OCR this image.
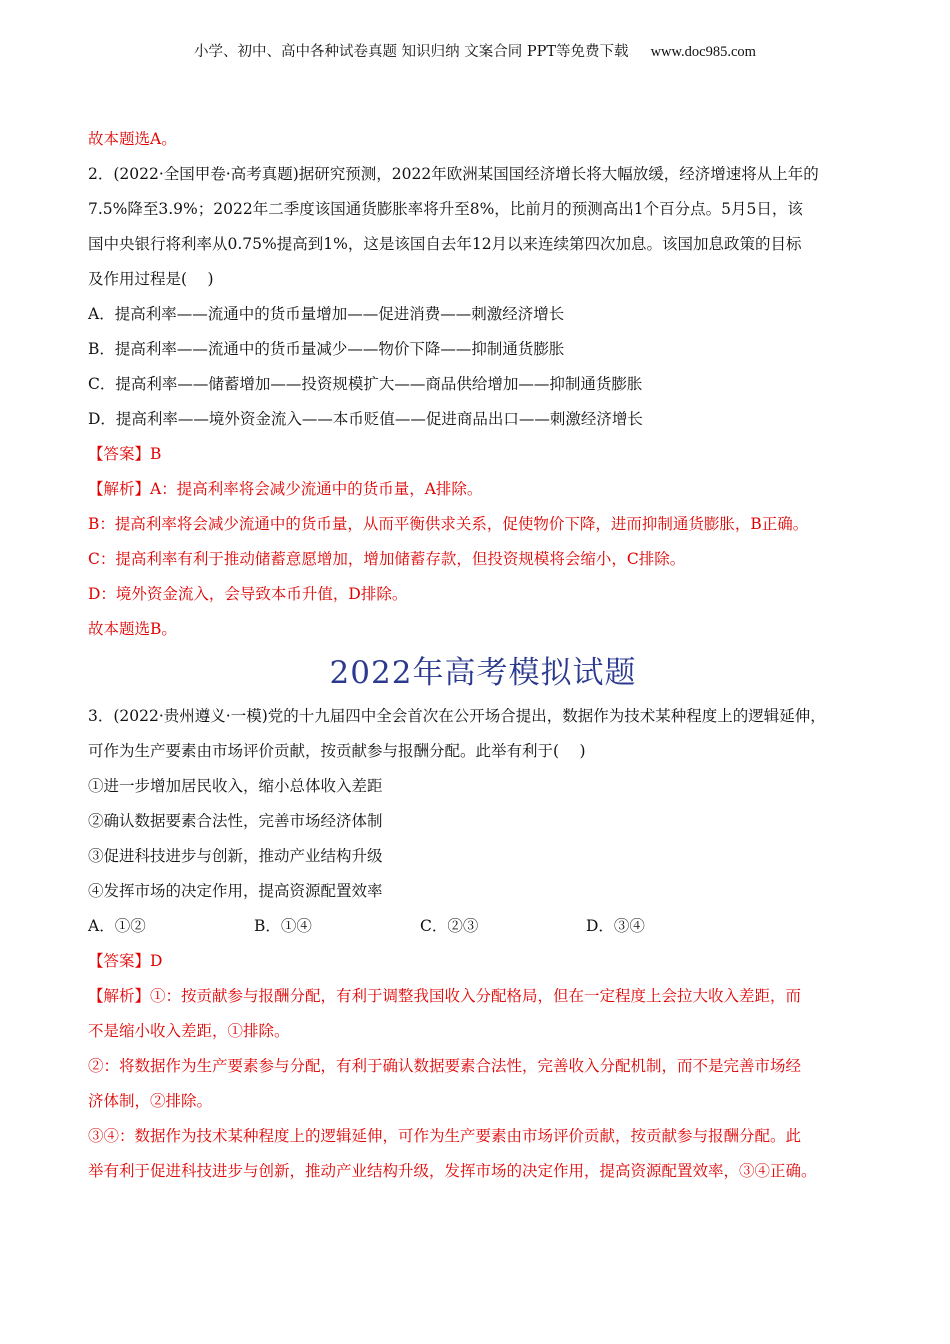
小学、初中、高中各种试卷真题 知识归纳 文案合同 PPT等免费下载 www.doc985.com
故本题选A。
2．(2022·全国甲卷·高考真题)据研究预测，2022年欧洲某国国经济增长将大幅放缓，经济增速将从上年的
7.5%降至3.9%；2022年二季度该国通货膨胀率将升至8%，比前月的预测高出1个百分点。5月5日，该
国中央银行将利率从0.75%提高到1%，这是该国自去年12月以来连续第四次加息。该国加息政策的目标
及作用过程是(　 )
A．提高利率——流通中的货币量增加——促进消费——刺激经济增长
B．提高利率——流通中的货币量减少——物价下降——抑制通货膨胀
C．提高利率——储蓄增加——投资规模扩大——商品供给增加——抑制通货膨胀
D．提高利率——境外资金流入——本币贬值——促进商品出口——刺激经济增长
【答案】B
【解析】A：提高利率将会减少流通中的货币量，A排除。
B：提高利率将会减少流通中的货币量，从而平衡供求关系，促使物价下降，进而抑制通货膨胀，B正确。
C：提高利率有利于推动储蓄意愿增加，增加储蓄存款，但投资规模将会缩小，C排除。
D：境外资金流入，会导致本币升值，D排除。
故本题选B。
2022年高考模拟试题
3．(2022·贵州遵义·一模)党的十九届四中全会首次在公开场合提出，数据作为技术某种程度上的逻辑延伸，
可作为生产要素由市场评价贡献，按贡献参与报酬分配。此举有利于(　 )
①进一步增加居民收入，缩小总体收入差距
②确认数据要素合法性，完善市场经济体制
③促进科技进步与创新，推动产业结构升级
④发挥市场的决定作用，提高资源配置效率
A．①②	B．①④	C．②③	D．③④
【答案】D
【解析】①：按贡献参与报酬分配，有利于调整我国收入分配格局，但在一定程度上会拉大收入差距，而
不是缩小收入差距，①排除。
②：将数据作为生产要素参与分配，有利于确认数据要素合法性，完善收入分配机制，而不是完善市场经
济体制，②排除。
③④：数据作为技术某种程度上的逻辑延伸，可作为生产要素由市场评价贡献，按贡献参与报酬分配。此
举有利于促进科技进步与创新，推动产业结构升级，发挥市场的决定作用，提高资源配置效率，③④正确。
